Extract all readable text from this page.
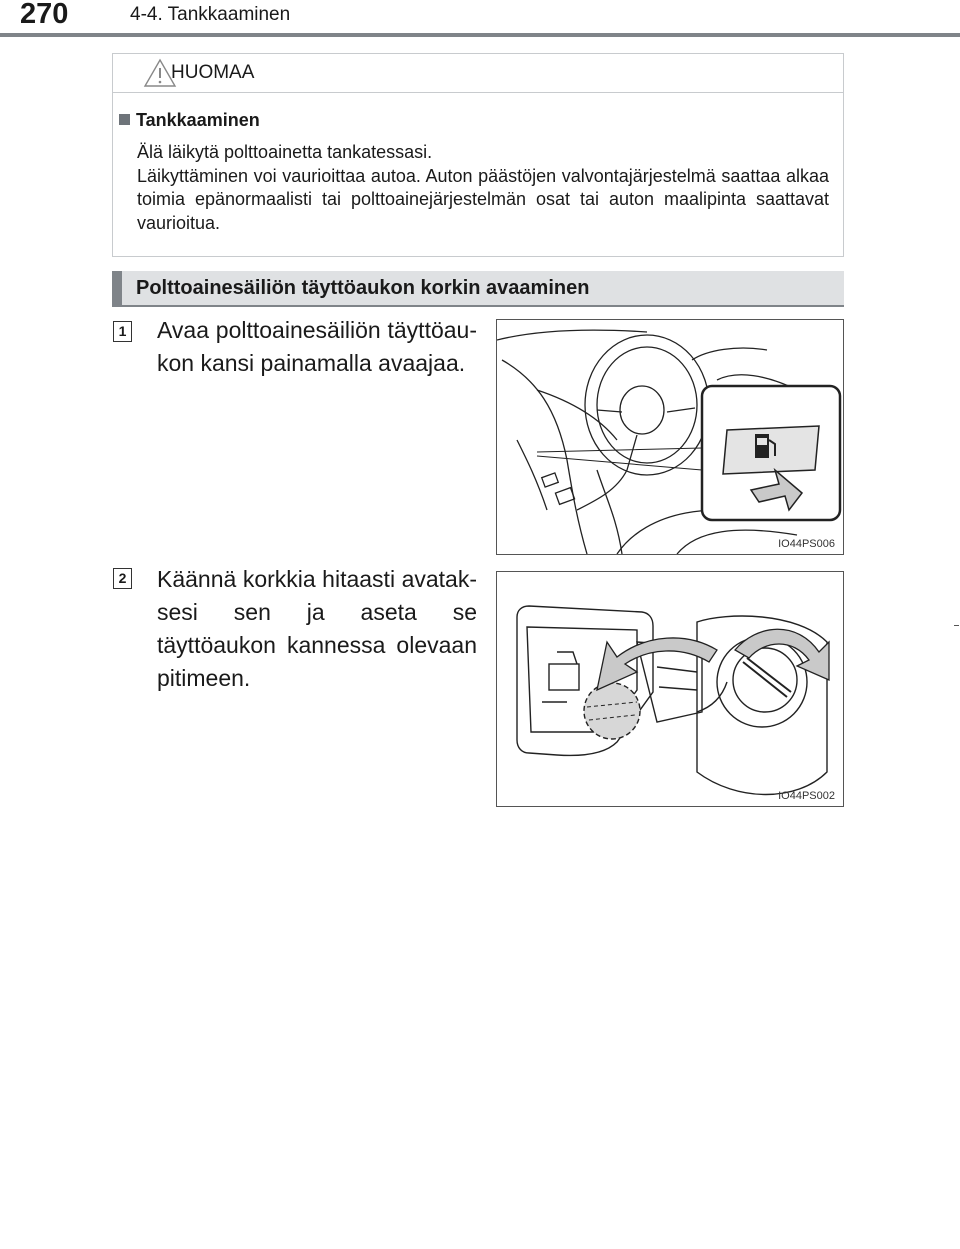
270	4-4. Tankkaaminen
HUOMAA
Tankkaaminen

Älä läikytä polttoainetta tankatessasi.

Läikyttäminen voi vaurioittaa autoa. Auton päästöjen valvontajärjestelmä saattaa alkaa toimia epänormaalisti tai polttoainejärjestelmän osat tai auton maalipinta saattavat vaurioitua.

Polttoainesäiliön täyttöaukon korkin avaaminen
1 Avaa polttoainesäiliön täyttöau-kon kansi painamalla avaajaa.
IO44PS006
2 Käännä korkkia hitaasti avatak-sesi sen ja aseta se täyttöaukon kannessa olevaan pitimeen.
IO44PS002
